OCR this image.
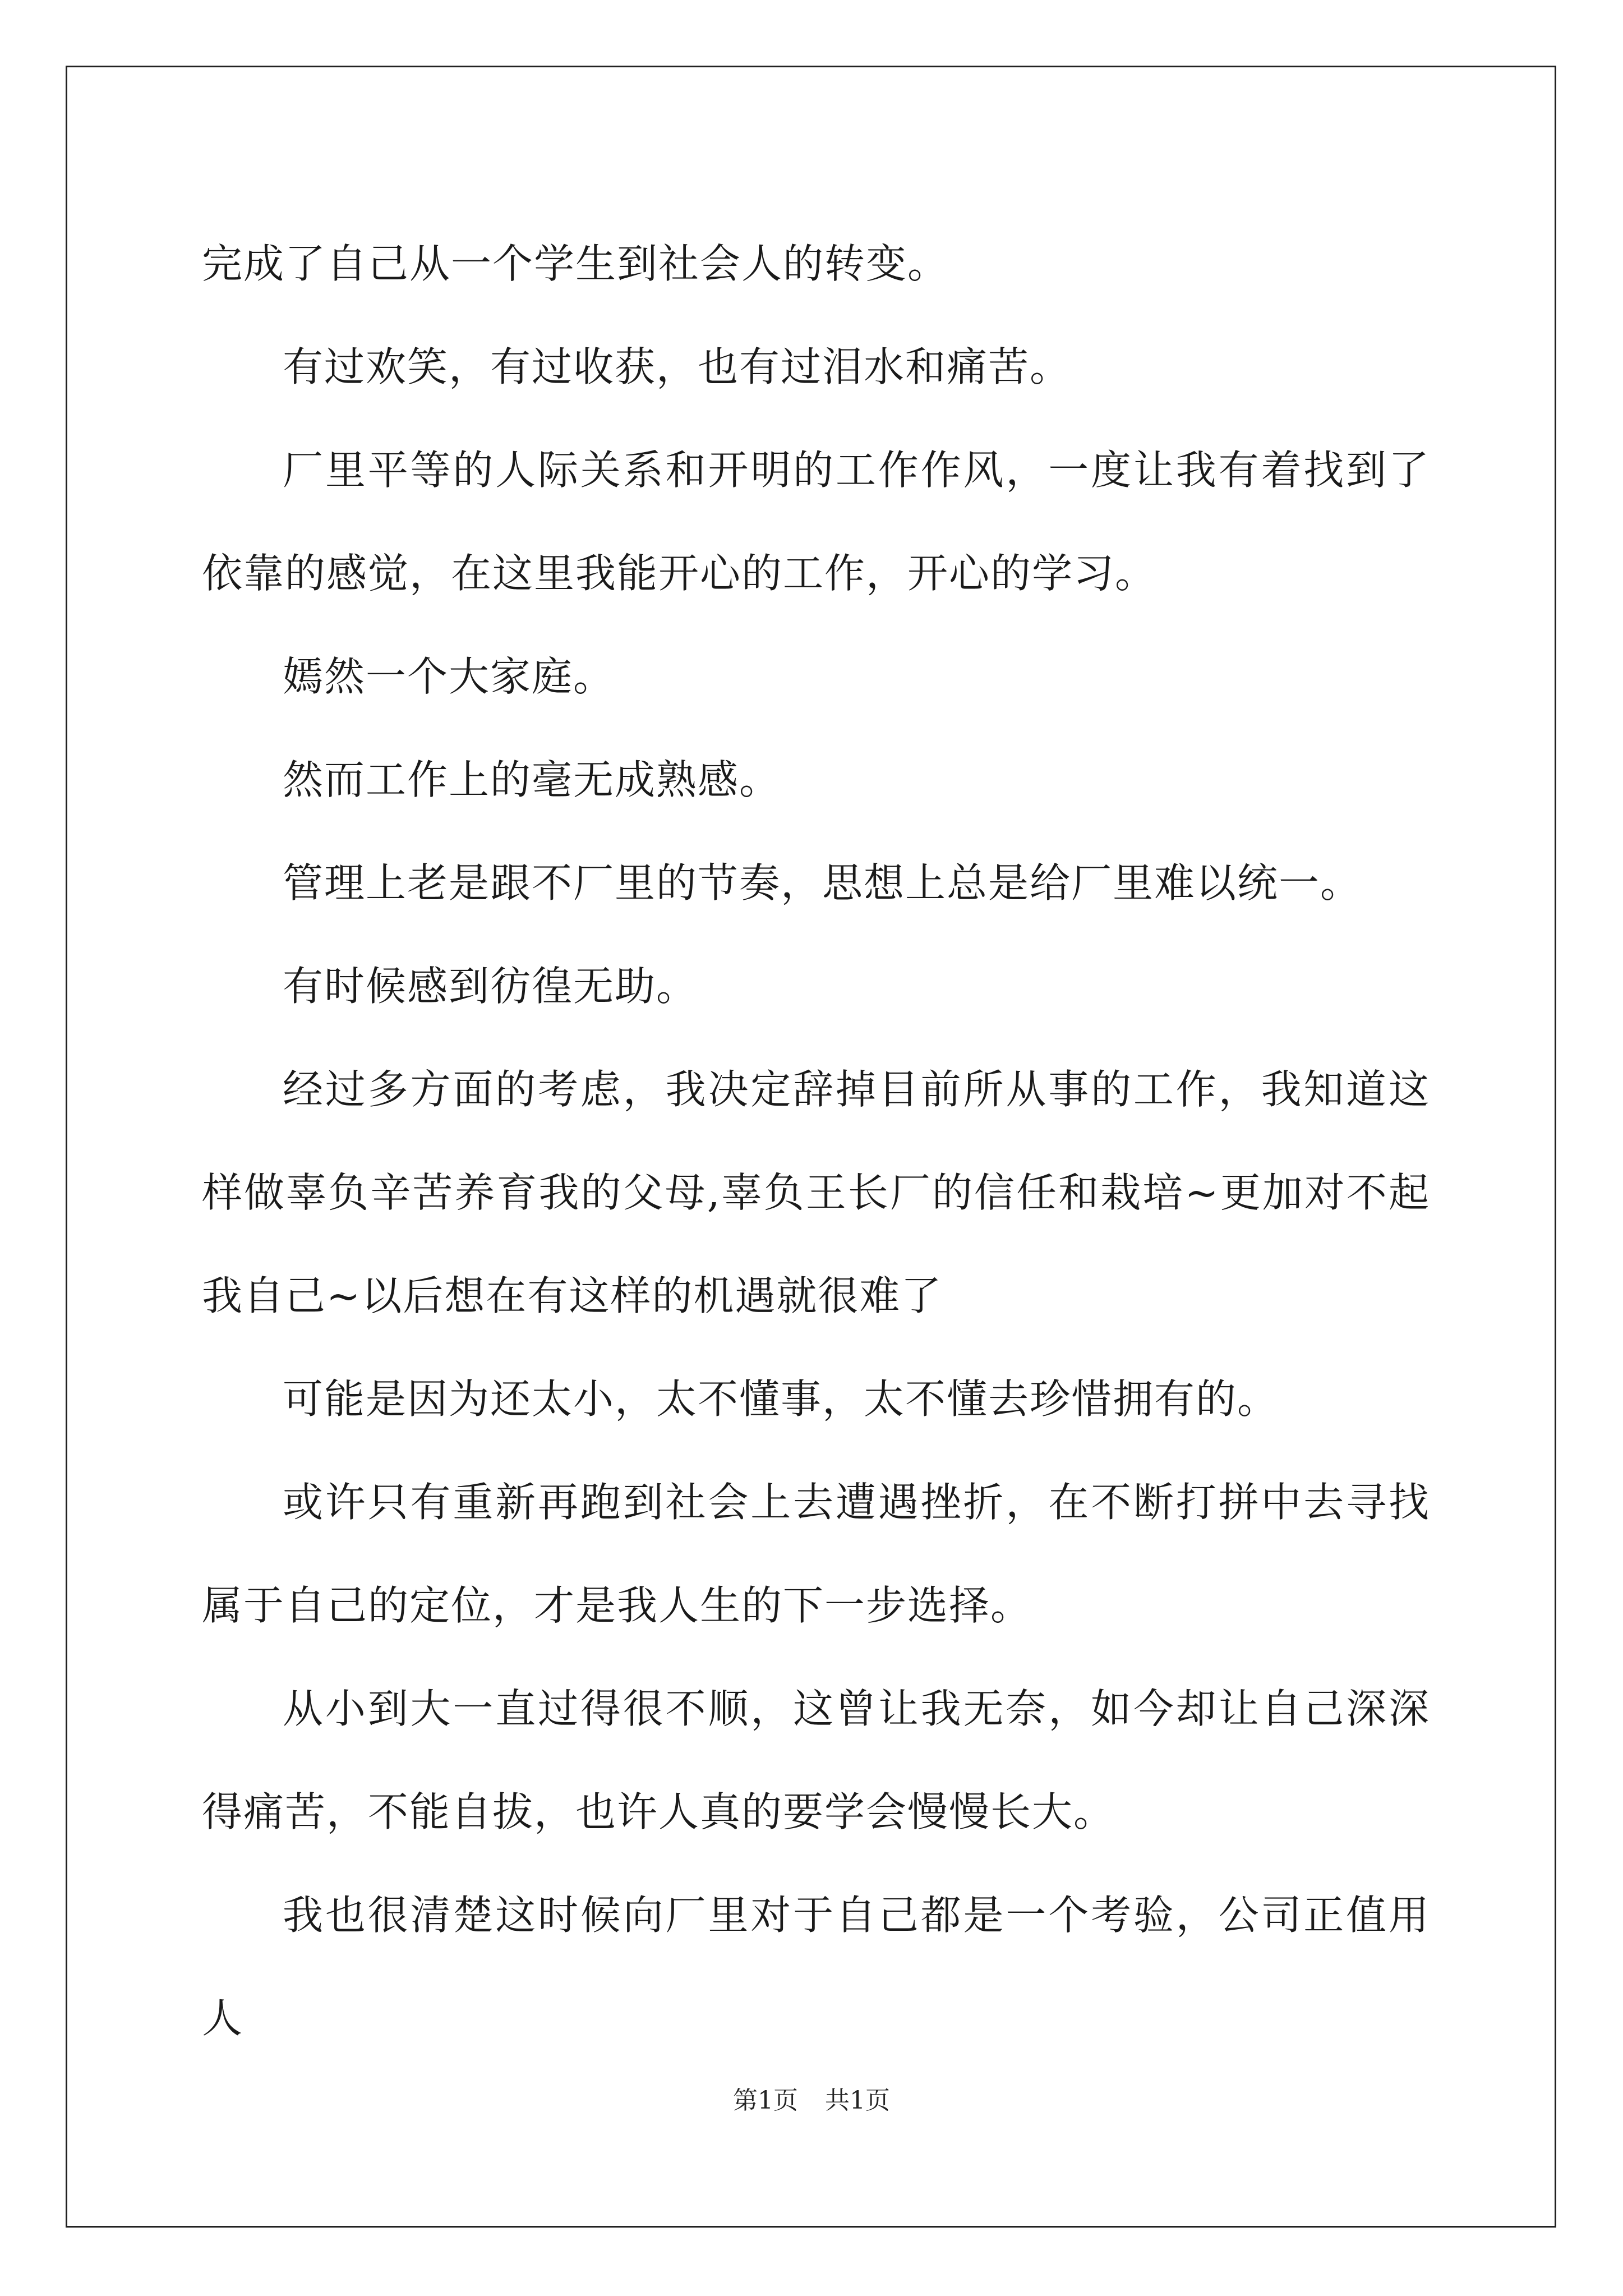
完成了自己从一个学生到社会人的转变。

有过欢笑，有过收获，也有过泪水和痛苦。

厂里平等的人际关系和开明的工作作风，一度让我有着找到了依靠的感觉，在这里我能开心的工作，开心的学习。

嫣然一个大家庭。

然而工作上的毫无成熟感。

管理上老是跟不厂里的节奏，思想上总是给厂里难以统一。

有时候感到彷徨无助。

经过多方面的考虑，我决定辞掉目前所从事的工作，我知道这样做辜负辛苦养育我的父母,辜负王长厂的信任和栽培~更加对不起我自己~以后想在有这样的机遇就很难了

可能是因为还太小，太不懂事，太不懂去珍惜拥有的。

或许只有重新再跑到社会上去遭遇挫折，在不断打拼中去寻找属于自己的定位，才是我人生的下一步选择。

从小到大一直过得很不顺，这曾让我无奈，如今却让自己深深得痛苦，不能自拔，也许人真的要学会慢慢长大。

我也很清楚这时候向厂里对于自己都是一个考验，公司正值用人

第1页 共1页
